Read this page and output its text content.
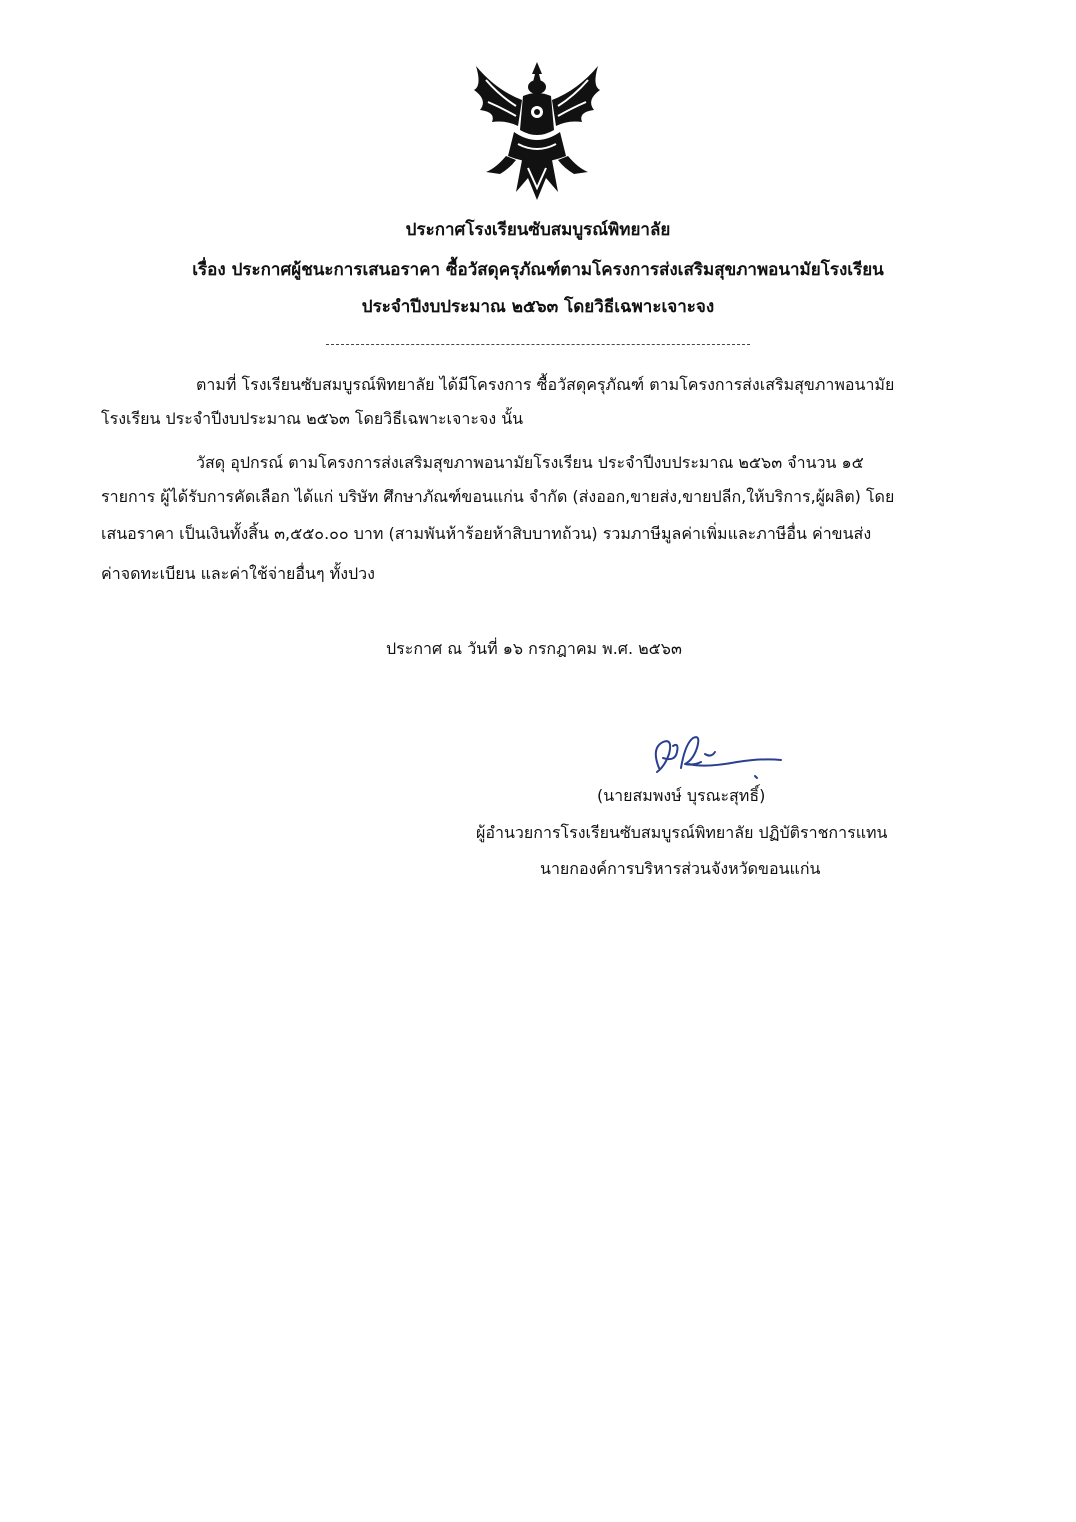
ประกาศโรงเรียนซับสมบูรณ์พิทยาลัย
เรื่อง ประกาศผู้ชนะการเสนอราคา ซื้อวัสดุครุภัณฑ์ตามโครงการส่งเสริมสุขภาพอนามัยโรงเรียน
ประจำปีงบประมาณ ๒๕๖๓ โดยวิธีเฉพาะเจาะจง
ตามที่ โรงเรียนซับสมบูรณ์พิทยาลัย ได้มีโครงการ ซื้อวัสดุครุภัณฑ์ ตามโครงการส่งเสริมสุขภาพอนามัย
โรงเรียน ประจำปีงบประมาณ ๒๕๖๓ โดยวิธีเฉพาะเจาะจง นั้น
วัสดุ อุปกรณ์ ตามโครงการส่งเสริมสุขภาพอนามัยโรงเรียน ประจำปีงบประมาณ ๒๕๖๓ จำนวน ๑๕
รายการ ผู้ได้รับการคัดเลือก ได้แก่ บริษัท ศึกษาภัณฑ์ขอนแก่น จำกัด (ส่งออก,ขายส่ง,ขายปลีก,ให้บริการ,ผู้ผลิต) โดย
เสนอราคา เป็นเงินทั้งสิ้น ๓,๕๕๐.๐๐ บาท (สามพันห้าร้อยห้าสิบบาทถ้วน) รวมภาษีมูลค่าเพิ่มและภาษีอื่น ค่าขนส่ง
ค่าจดทะเบียน และค่าใช้จ่ายอื่นๆ ทั้งปวง
ประกาศ ณ วันที่ ๑๖ กรกฎาคม พ.ศ. ๒๕๖๓
(นายสมพงษ์ บุรณะสุทธิ์)
ผู้อำนวยการโรงเรียนซับสมบูรณ์พิทยาลัย ปฏิบัติราชการแทน
นายกองค์การบริหารส่วนจังหวัดขอนแก่น
